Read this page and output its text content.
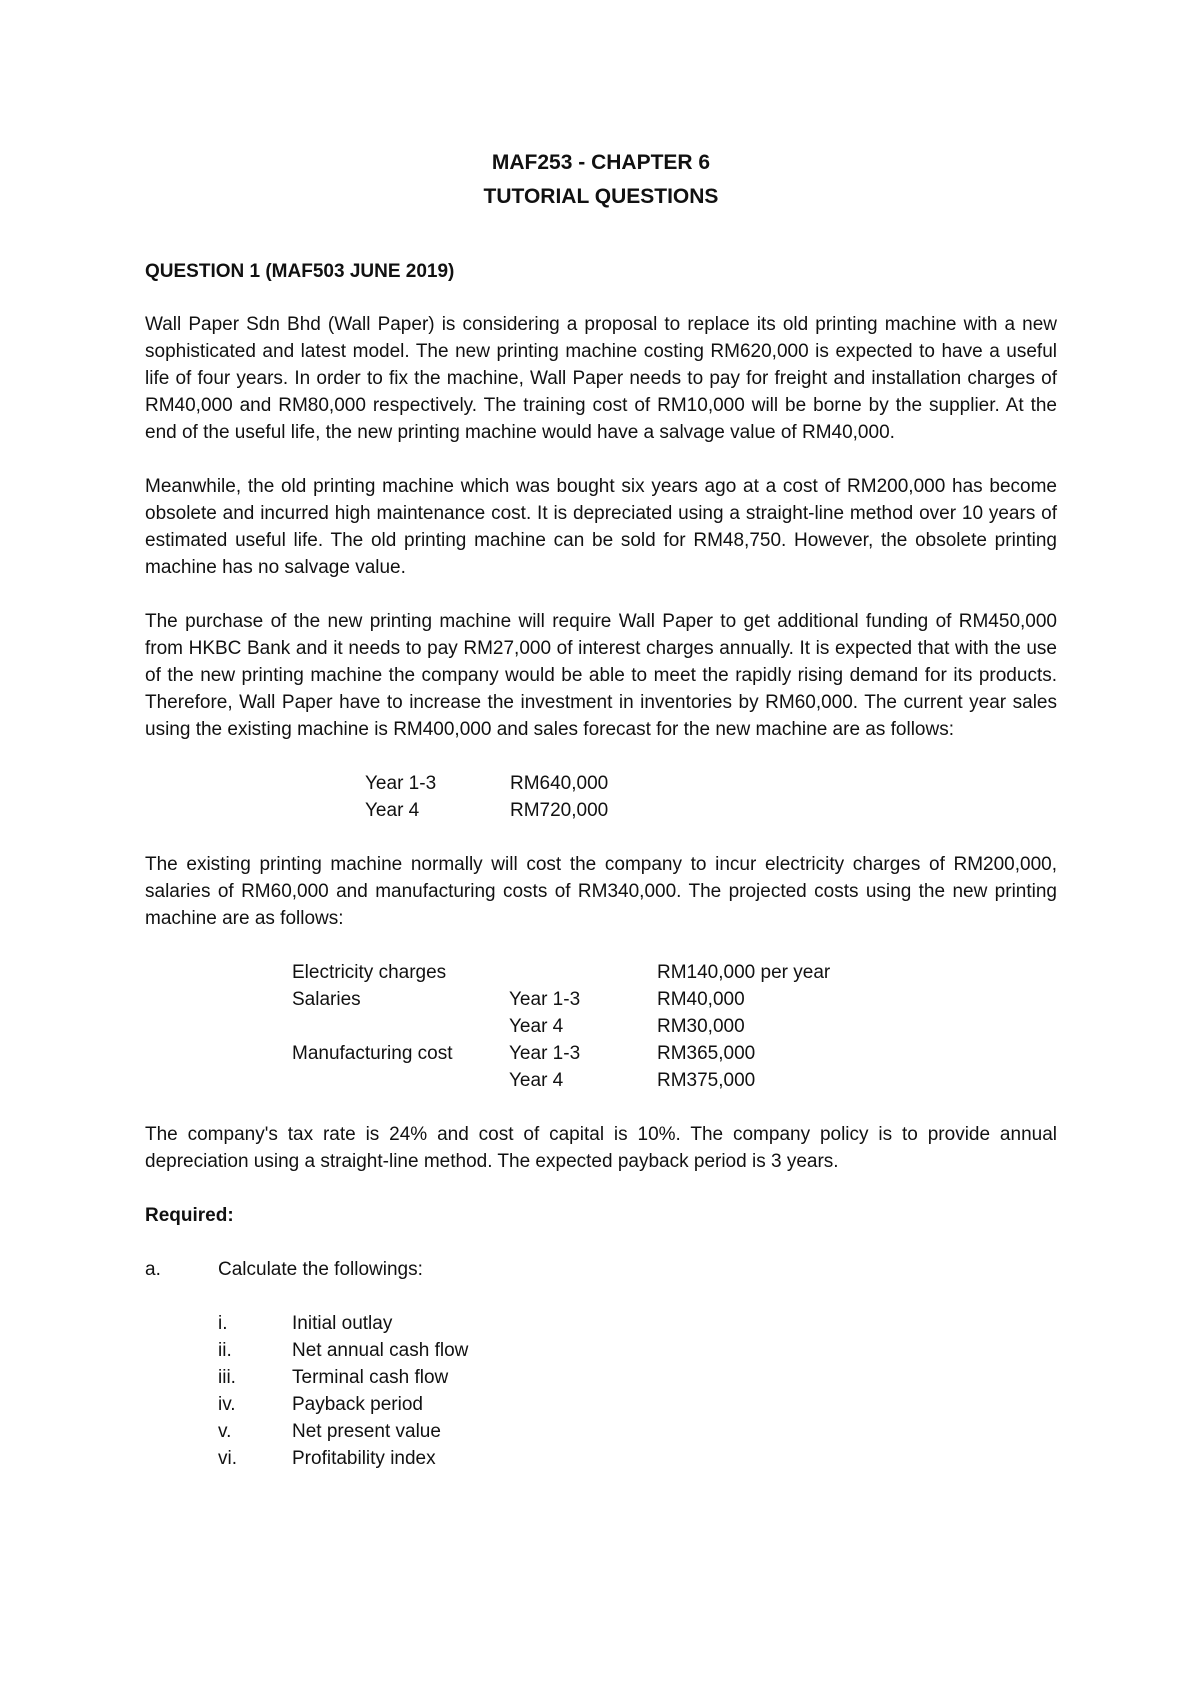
MAF253 - CHAPTER 6
TUTORIAL QUESTIONS

QUESTION 1 (MAF503 JUNE 2019)

Wall Paper Sdn Bhd (Wall Paper) is considering a proposal to replace its old printing machine with a new sophisticated and latest model. The new printing machine costing RM620,000 is expected to have a useful life of four years. In order to fix the machine, Wall Paper needs to pay for freight and installation charges of RM40,000 and RM80,000 respectively. The training cost of RM10,000 will be borne by the supplier. At the end of the useful life, the new printing machine would have a salvage value of RM40,000.

Meanwhile, the old printing machine which was bought six years ago at a cost of RM200,000 has become obsolete and incurred high maintenance cost. It is depreciated using a straight-line method over 10 years of estimated useful life. The old printing machine can be sold for RM48,750. However, the obsolete printing machine has no salvage value.

The purchase of the new printing machine will require Wall Paper to get additional funding of RM450,000 from HKBC Bank and it needs to pay RM27,000 of interest charges annually. It is expected that with the use of the new printing machine the company would be able to meet the rapidly rising demand for its products. Therefore, Wall Paper have to increase the investment in inventories by RM60,000. The current year sales using the existing machine is RM400,000 and sales forecast for the new machine are as follows:

Year 1-3	RM640,000
Year 4	RM720,000

The existing printing machine normally will cost the company to incur electricity charges of RM200,000, salaries of RM60,000 and manufacturing costs of RM340,000. The projected costs using the new printing machine are as follows:

Electricity charges		RM140,000 per year
Salaries	Year 1-3	RM40,000
	Year 4	RM30,000
Manufacturing cost	Year 1-3	RM365,000
	Year 4	RM375,000

The company's tax rate is 24% and cost of capital is 10%. The company policy is to provide annual depreciation using a straight-line method. The expected payback period is 3 years.

Required:

a.	Calculate the followings:
i.	Initial outlay
ii.	Net annual cash flow
iii.	Terminal cash flow
iv.	Payback period
v.	Net present value
vi.	Profitability index
